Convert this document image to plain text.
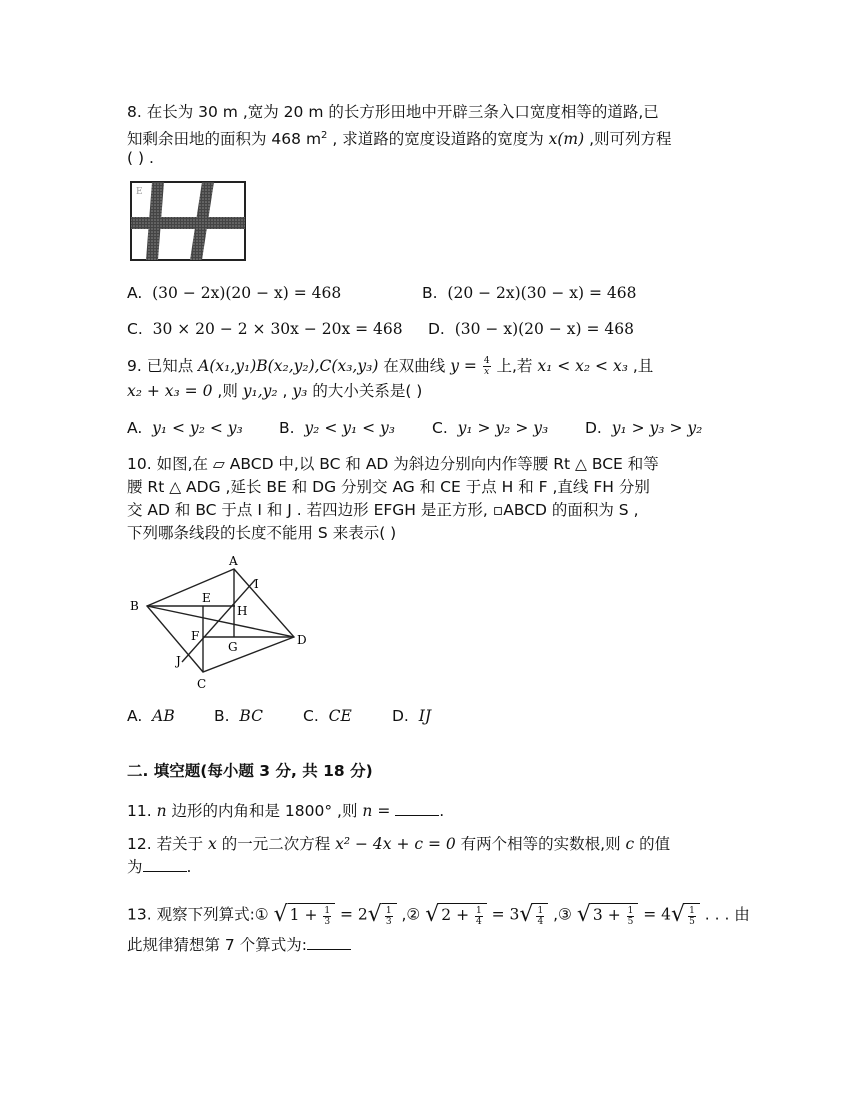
8. 在长为 30 m ,宽为 20 m 的长方形田地中开辟三条入口宽度相等的道路,已
知剩余田地的面积为 468 $m^2$ , 求道路的宽度设道路的宽度为 x(m) ,则可列方程
( ) .
E
A. (30 − 2x)(20 − x) = 468	B. (20 − 2x)(30 − x) = 468
C. 30 × 20 − 2 × 30x − 20x = 468 D. (30 − x)(20 − x) = 468
9. 已知点 A(x₁,y₁)B(x₂,y₂),C(x₃,y₃) 在双曲线 $y = \frac{4}{x}$ 上,若 x₁ < x₂ < x₃ ,且
x₂ + x₃ = 0 ,则 y₁,y₂ , y₃ 的大小关系是( )
A. y₁ < y₂ < y₃ B. y₂ < y₁ < y₃ C. y₁ > y₂ > y₃ D. y₁ > y₃ > y₂
10. 如图,在 ▱ ABCD 中,以 BC 和 AD 为斜边分别向内作等腰 Rt △ BCE 和等
腰 Rt △ ADG ,延长 BE 和 DG 分别交 AG 和 CE 于点 H 和 F ,直线 FH 分别
交 AD 和 BC 于点 I 和 J . 若四边形 EFGH 是正方形, ▫ABCD 的面积为 S ,
下列哪条线段的长度不能用 S 来表示( )
A
B
C
D
E
F
G
H
I
J
A. AB	B. BC	C. CE	D. IJ
二. 填空题(每小题 3 分, 共 18 分)
11. n 边形的内角和是 1800° ,则 n =	.
12. 若关于 x 的一元二次方程 x² − 4x + c = 0 有两个相等的实数根,则 c 的值
为	.
13. 观察下列算式:① √ $1 + \frac{1}{3} = 2√ \frac{1}{3}$ ,② √ $2 + \frac{1}{4} = 3√ \frac{1}{4}$ ,③ √ $3 + \frac{1}{5} = 4√ \frac{1}{5}$ . . . 由
此规律猜想第 7 个算式为:
